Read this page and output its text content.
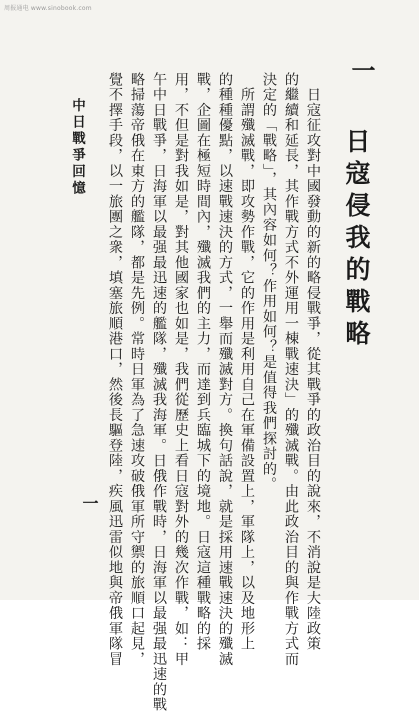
周报通电 www.sinobook.com
一
日寇侵我的戰略
　日寇征攻對中國發動的新的略侵戰爭，從其戰爭的政治目的說來，不消說是大陸政策
的繼續和延長，其作戰方式不外運用一棟戰速決」的殲滅戰。由此政治目的與作戰方式而
決定的「戰略」，其內容如何？作用如何？是值得我們探討的。
　所謂殲滅戰，即攻勢作戰，它的作用是利用自己在軍備設置上，軍隊上，以及地形上
的種種優點，以速戰速決的方式，一舉而殲滅對方。換句話說，就是採用速戰速決的殲滅
戰，企圖在極短時間內，殲滅我們的主力，而達到兵臨城下的境地。日寇這種戰略的採
用，不但是對我如是，對其他國家也如是，我們從歷史上看日寇對外的幾次作戰，如：甲
午中日戰爭，日海軍以最强最迅速的艦隊，殲滅我海軍。日俄作戰時，日海軍以最强最迅速的戰
略掃蕩帝俄在東方的艦隊，都是先例。常時日軍為了急速攻破俄軍所守禦的旅順口起見，
覺不擇手段，以一旅團之衆，填塞旅順港口，然後長驅登陸，疾風迅雷似地與帝俄軍隊冒
中日戰爭回憶
一
